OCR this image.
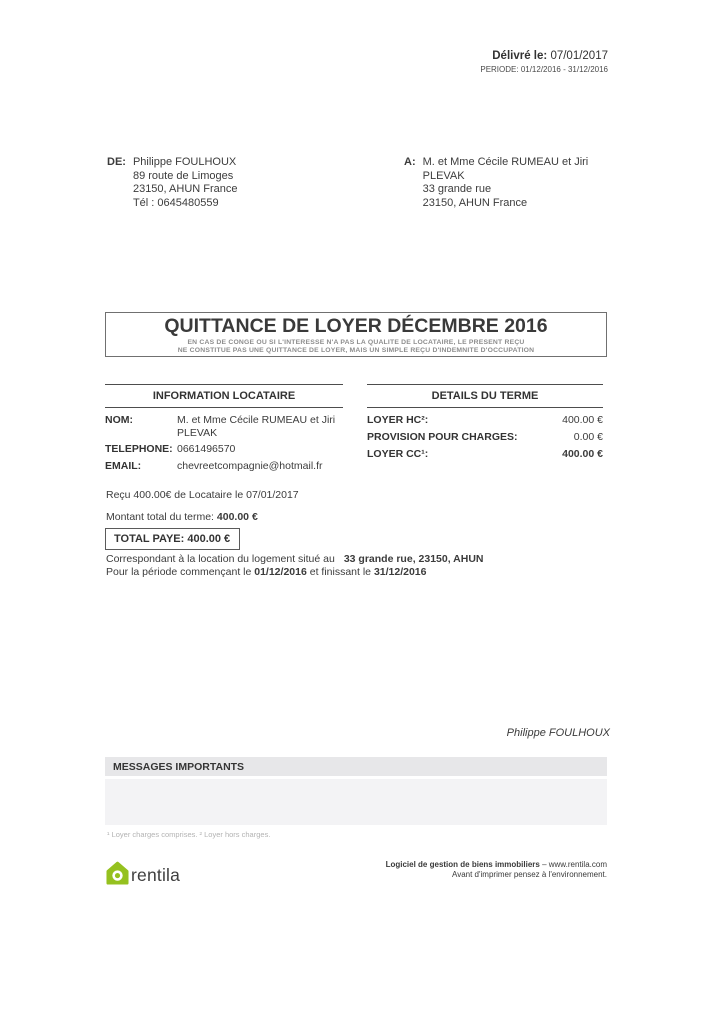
Délivré le: 07/01/2017
PERIODE: 01/12/2016 - 31/12/2016
DE: Philippe FOULHOUX
89 route de Limoges
23150, AHUN France
Tél : 0645480559
A: M. et Mme Cécile RUMEAU et Jiri
PLEVAK
33 grande rue
23150, AHUN France
QUITTANCE DE LOYER DÉCEMBRE 2016
EN CAS DE CONGE OU SI L'INTERESSE N'A PAS LA QUALITE DE LOCATAIRE, LE PRESENT REÇU
NE CONSTITUE PAS UNE QUITTANCE DE LOYER, MAIS UN SIMPLE REÇU D'INDEMNITE D'OCCUPATION
INFORMATION LOCATAIRE
NOM:	M. et Mme Cécile RUMEAU et Jiri PLEVAK
TELEPHONE: 0661496570
EMAIL:	chevreetcompagnie@hotmail.fr
DETAILS DU TERME
LOYER HC²:	400.00 €
PROVISION POUR CHARGES:	0.00 €
LOYER CC¹:	400.00 €
Reçu 400.00€ de Locataire le 07/01/2017
Montant total du terme: 400.00 €
TOTAL PAYE: 400.00 €
Correspondant à la location du logement situé au 33 grande rue, 23150, AHUN
Pour la période commençant le 01/12/2016 et finissant le 31/12/2016
Philippe FOULHOUX
MESSAGES IMPORTANTS
¹ Loyer charges comprises. ² Loyer hors charges.
rentila
Logiciel de gestion de biens immobiliers – www.rentila.com
Avant d'imprimer pensez à l'environnement.
